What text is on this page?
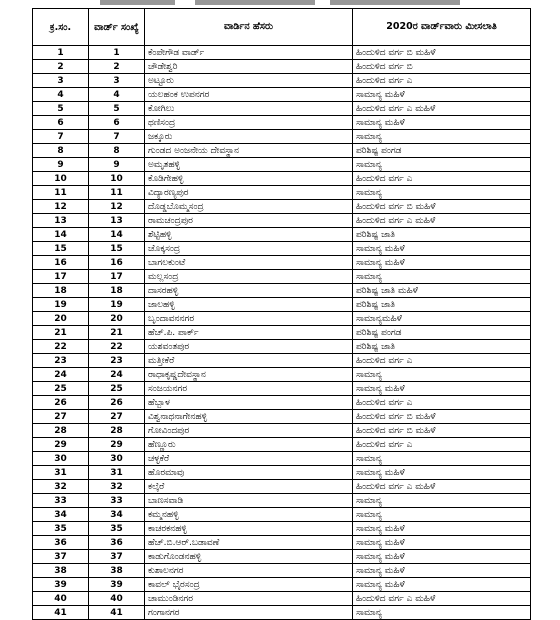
ಕ್ರ.ಸಂ.	ವಾರ್ಡ್ ಸಂಖ್ಯೆ	ವಾರ್ಡಿನ ಹೆಸರು	2020ರ ವಾರ್ಡ್‌ವಾರು ಮೀಸಲಾತಿ
1	1	ಕೆಂಪೇಗೌಡ ವಾರ್ಡ್	ಹಿಂದುಳಿದ ವರ್ಗ ಬಿ ಮಹಿಳೆ
2	2	ಚೌಡೇಶ್ವರಿ	ಹಿಂದುಳಿದ ವರ್ಗ ಬಿ
3	3	ಅಟ್ಟೂರು	ಹಿಂದುಳಿದ ವರ್ಗ ಎ
4	4	ಯಲಹಂಕ ಉಪನಗರ	ಸಾಮಾನ್ಯ ಮಹಿಳೆ
5	5	ಕೋಗಿಲು	ಹಿಂದುಳಿದ ವರ್ಗ ಎ ಮಹಿಳೆ
6	6	ಥಣಿಸಂದ್ರ	ಸಾಮಾನ್ಯ ಮಹಿಳೆ
7	7	ಜಕ್ಕೂರು	ಸಾಮಾನ್ಯ
8	8	ಗುಂಡದ ಅಂಜನೇಯ ದೇವಸ್ಥಾನ	ಪರಿಶಿಷ್ಟ ಪಂಗಡ
9	9	ಅಮೃತಹಳ್ಳಿ	ಸಾಮಾನ್ಯ
10	10	ಕೊಡಿಗೇಹಳ್ಳಿ	ಹಿಂದುಳಿದ ವರ್ಗ ಎ
11	11	ವಿದ್ಯಾರಣ್ಯಪುರ	ಸಾಮಾನ್ಯ
12	12	ದೊಡ್ಡಬೊಮ್ಮಸಂದ್ರ	ಹಿಂದುಳಿದ ವರ್ಗ ಬಿ ಮಹಿಳೆ
13	13	ರಾಮಚಂದ್ರಪುರ	ಹಿಂದುಳಿದ ವರ್ಗ ಎ ಮಹಿಳೆ
14	14	ಶೆಟ್ಟಿಹಳ್ಳಿ	ಪರಿಶಿಷ್ಟ ಜಾತಿ
15	15	ಚೊಕ್ಕಸಂದ್ರ	ಸಾಮಾನ್ಯ ಮಹಿಳೆ
16	16	ಬಾಗಲಕುಂಟೆ	ಸಾಮಾನ್ಯ ಮಹಿಳೆ
17	17	ಮಲ್ಲಸಂದ್ರ	ಸಾಮಾನ್ಯ
18	18	ದಾಸರಹಳ್ಳಿ	ಪರಿಶಿಷ್ಟ ಜಾತಿ ಮಹಿಳೆ
19	19	ಜಾಲಹಳ್ಳಿ	ಪರಿಶಿಷ್ಟ ಜಾತಿ
20	20	ಬೃಂದಾವನನಗರ	ಸಾಮಾನ್ಯಮಹಿಳೆ
21	21	ಹೆಚ್.ಪಿ. ಪಾರ್ಕ್	ಪರಿಶಿಷ್ಟ ಪಂಗಡ
22	22	ಯಶವಂತಪುರ	ಪರಿಶಿಷ್ಟ ಜಾತಿ
23	23	ಮತ್ತೀಕೆರೆ	ಹಿಂದುಳಿದ ವರ್ಗ ಎ
24	24	ರಾಧಾಕೃಷ್ಣದೇವಸ್ಥಾನ	ಸಾಮಾನ್ಯ
25	25	ಸಂಜಯನಗರ	ಸಾಮಾನ್ಯ ಮಹಿಳೆ
26	26	ಹೆಬ್ಬಾಳ	ಹಿಂದುಳಿದ ವರ್ಗ ಎ
27	27	ವಿಶ್ವನಾಥನಾಗೇನಹಳ್ಳಿ	ಹಿಂದುಳಿದ ವರ್ಗ ಬಿ ಮಹಿಳೆ
28	28	ಗೋವಿಂದಪುರ	ಹಿಂದುಳಿದ ವರ್ಗ ಬಿ ಮಹಿಳೆ
29	29	ಹೆಣ್ಣೂರು	ಹಿಂದುಳಿದ ವರ್ಗ ಎ
30	30	ಚಳ್ಳಕೆರೆ	ಸಾಮಾನ್ಯ
31	31	ಹೊರಮಾವು	ಸಾಮಾನ್ಯ ಮಹಿಳೆ
32	32	ಕಲ್ಕೆರೆ	ಹಿಂದುಳಿದ ವರ್ಗ ಎ ಮಹಿಳೆ
33	33	ಬಾಣಸವಾಡಿ	ಸಾಮಾನ್ಯ
34	34	ಕಮ್ಮನಹಳ್ಳಿ	ಸಾಮಾನ್ಯ
35	35	ಕಾಚರಕನಹಳ್ಳಿ	ಸಾಮಾನ್ಯ ಮಹಿಳೆ
36	36	ಹೆಚ್.ಬಿ.ಆರ್.ಬಡಾವಣೆ	ಸಾಮಾನ್ಯ ಮಹಿಳೆ
37	37	ಕಾಡುಗೊಂಡನಹಳ್ಳಿ	ಸಾಮಾನ್ಯ ಮಹಿಳೆ
38	38	ಕುಶಾಲನಗರ	ಸಾಮಾನ್ಯ ಮಹಿಳೆ
39	39	ಕಾವಲ್ ಭೈರಸಂದ್ರ	ಸಾಮಾನ್ಯ ಮಹಿಳೆ
40	40	ಚಾಮುಂಡಿನಗರ	ಹಿಂದುಳಿದ ವರ್ಗ ಎ ಮಹಿಳೆ
41	41	ಗಂಗಾನಗರ	ಸಾಮಾನ್ಯ
